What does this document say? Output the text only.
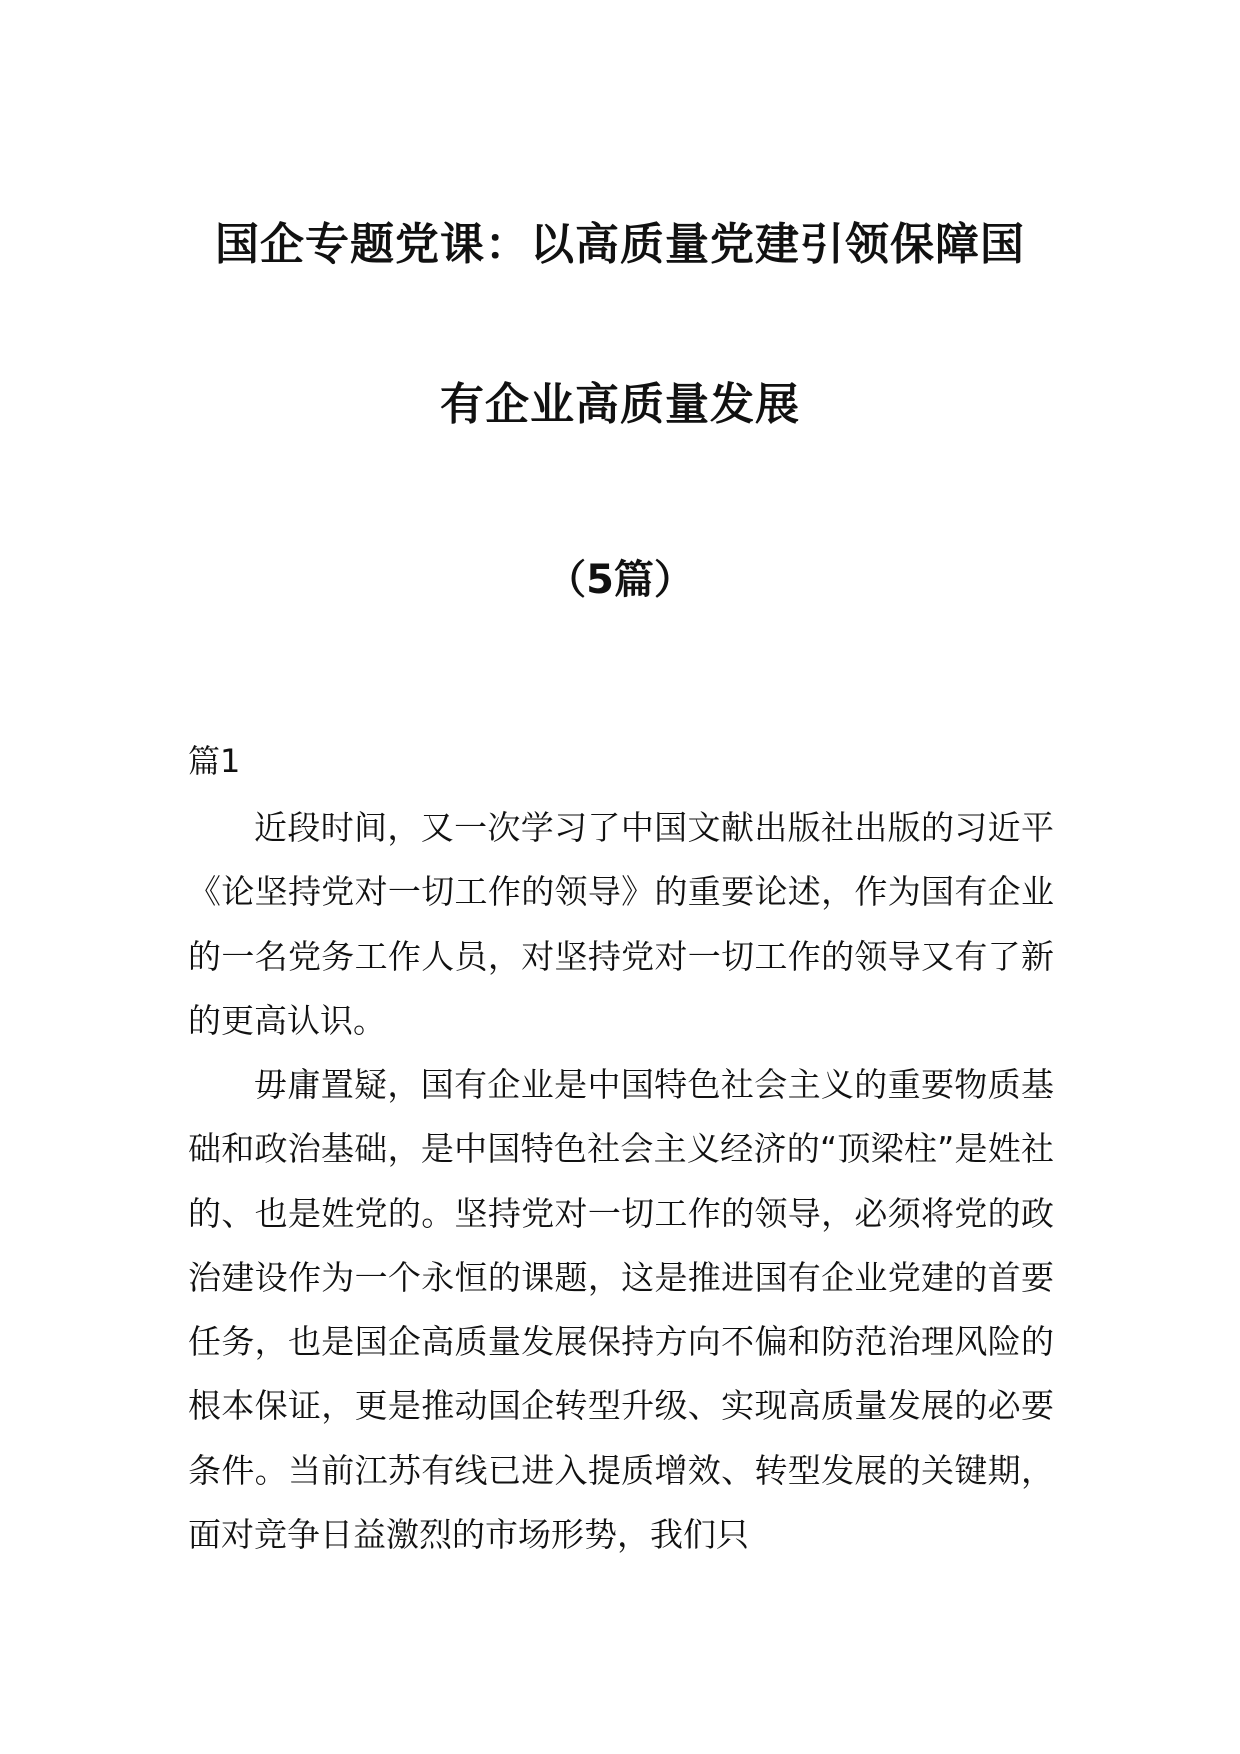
国企专题党课：以高质量党建引领保障国
有企业高质量发展
（5篇）
篇1

近段时间，又一次学习了中国文献出版社出版的习近平《论坚持党对一切工作的领导》的重要论述，作为国有企业的一名党务工作人员，对坚持党对一切工作的领导又有了新的更高认识。

毋庸置疑，国有企业是中国特色社会主义的重要物质基础和政治基础，是中国特色社会主义经济的“顶梁柱”是姓社的、也是姓党的。坚持党对一切工作的领导，必须将党的政治建设作为一个永恒的课题，这是推进国有企业党建的首要任务，也是国企高质量发展保持方向不偏和防范治理风险的根本保证，更是推动国企转型升级、实现高质量发展的必要条件。当前江苏有线已进入提质增效、转型发展的关键期，面对竞争日益激烈的市场形势，我们只
